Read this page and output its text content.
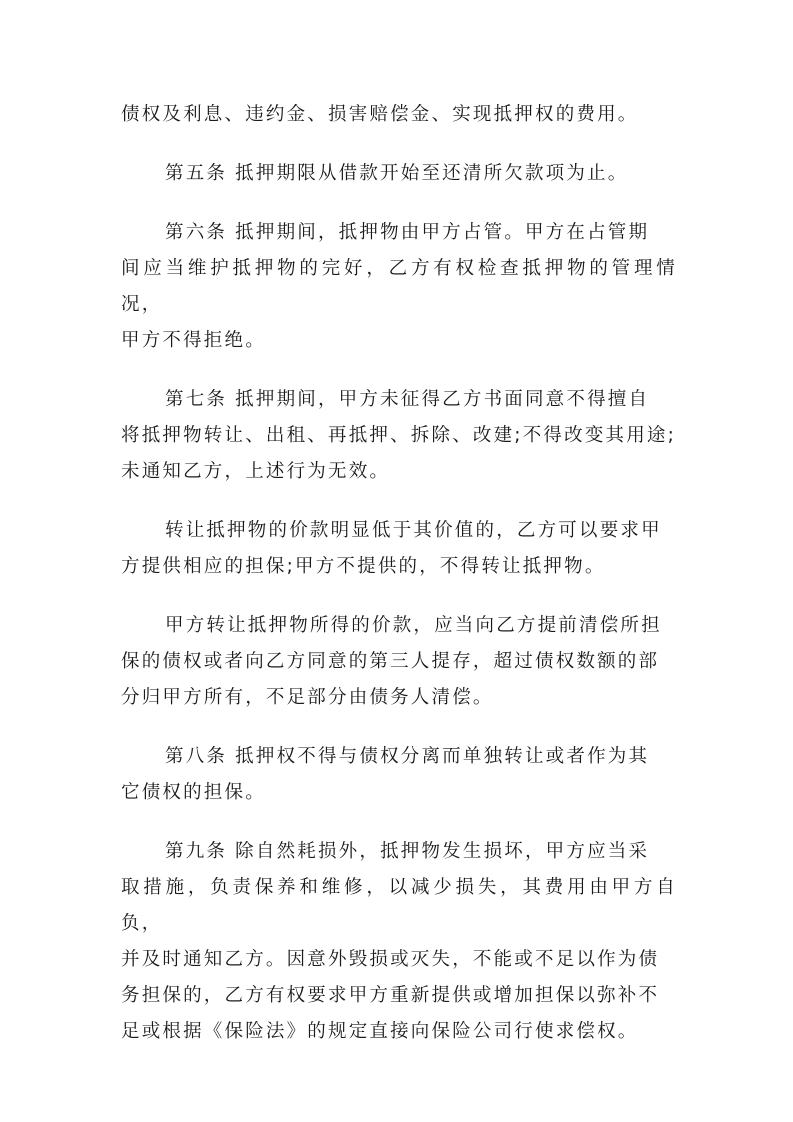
债权及利息、违约金、损害赔偿金、实现抵押权的费用。

第五条 抵押期限从借款开始至还清所欠款项为止。

第六条 抵押期间，抵押物由甲方占管。甲方在占管期
间应当维护抵押物的完好，乙方有权检查抵押物的管理情况，
甲方不得拒绝。

第七条 抵押期间，甲方未征得乙方书面同意不得擅自
将抵押物转让、出租、再抵押、拆除、改建;不得改变其用途;
未通知乙方，上述行为无效。

转让抵押物的价款明显低于其价值的，乙方可以要求甲
方提供相应的担保;甲方不提供的，不得转让抵押物。

甲方转让抵押物所得的价款，应当向乙方提前清偿所担
保的债权或者向乙方同意的第三人提存，超过债权数额的部
分归甲方所有，不足部分由债务人清偿。

第八条 抵押权不得与债权分离而单独转让或者作为其
它债权的担保。

第九条 除自然耗损外，抵押物发生损坏，甲方应当采
取措施，负责保养和维修，以减少损失，其费用由甲方自负，
并及时通知乙方。因意外毁损或灭失，不能或不足以作为债
务担保的，乙方有权要求甲方重新提供或增加担保以弥补不
足或根据《保险法》的规定直接向保险公司行使求偿权。
